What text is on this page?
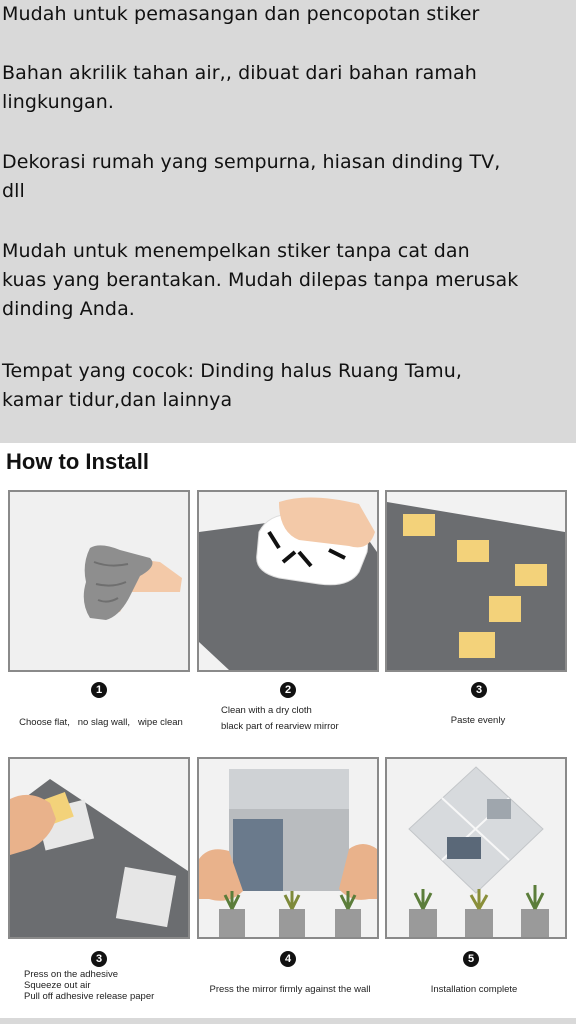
Mudah untuk pemasangan dan pencopotan stiker
Bahan akrilik tahan air,, dibuat dari bahan ramah
lingkungan.
Dekorasi rumah yang sempurna, hiasan dinding TV,
dll
Mudah untuk menempelkan stiker tanpa cat dan
kuas yang berantakan. Mudah dilepas tanpa merusak
dinding Anda.
Tempat yang cocok: Dinding halus Ruang Tamu,
kamar tidur,dan lainnya
How to Install
1
Choose flat,   no slag wall,   wipe clean
2
Clean with a dry cloth
black part of rearview mirror
3
Paste evenly
3
Press on the adhesive
Squeeze out air
Pull off adhesive release paper
4
Press the mirror firmly against the wall
5
Installation complete
